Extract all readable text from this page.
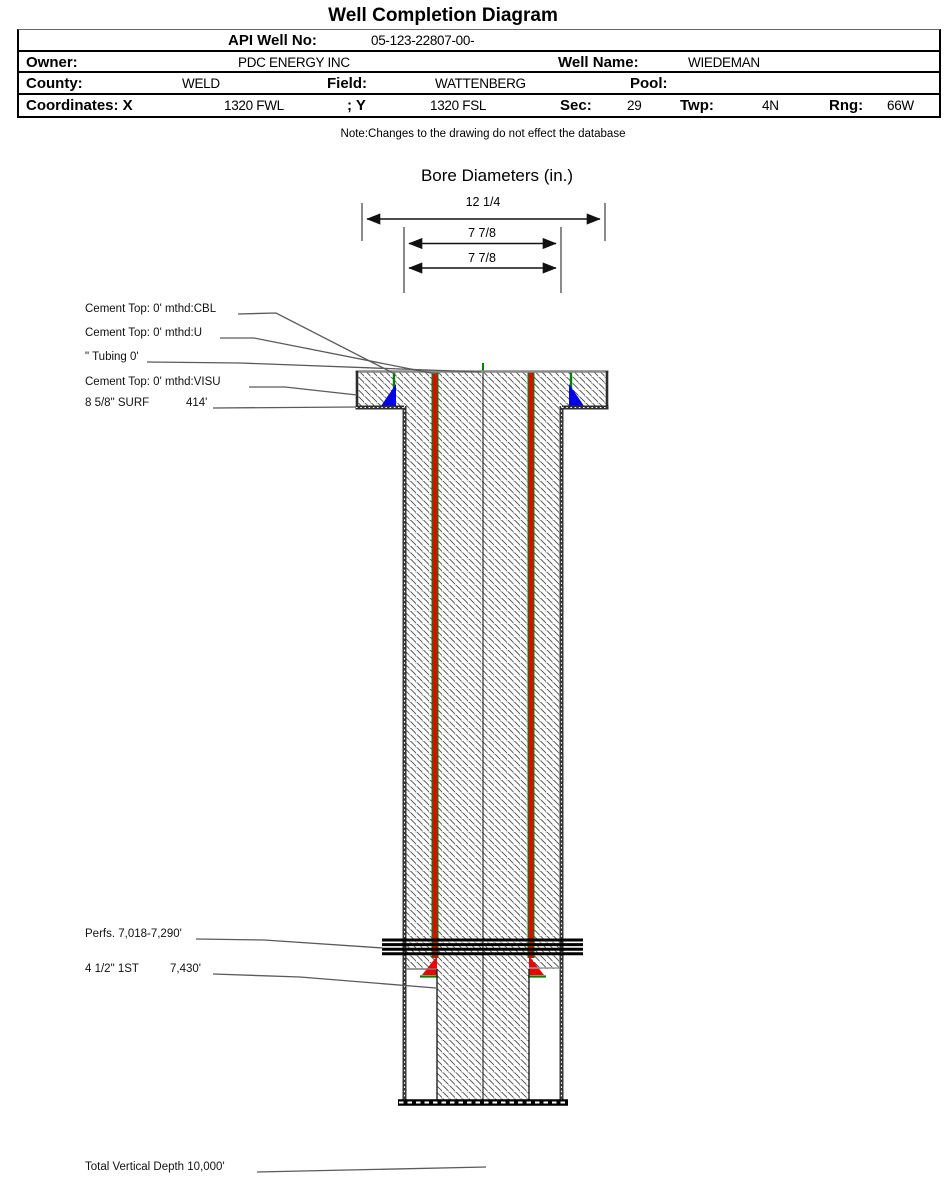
Well Completion Diagram
API Well No:	05-123-22807-00-
Owner:	PDC ENERGY INC	Well Name:	WIEDEMAN
County:	WELD	Field:	WATTENBERG	Pool:
Coordinates: X	1320 FWL	; Y	1320 FSL	Sec:	29	Twp:	4N	Rng: 66W
Note:Changes to the drawing do not effect the database
Bore Diameters (in.)
12 1/4
7 7/8
7 7/8
Cement Top: 0' mthd:CBL
Cement Top: 0' mthd:U
" Tubing 0'
Cement Top: 0' mthd:VISU
8 5/8" SURF	414'
Perfs. 7,018-7,290'
4 1/2" 1ST	7,430'
Total Vertical Depth 10,000'
